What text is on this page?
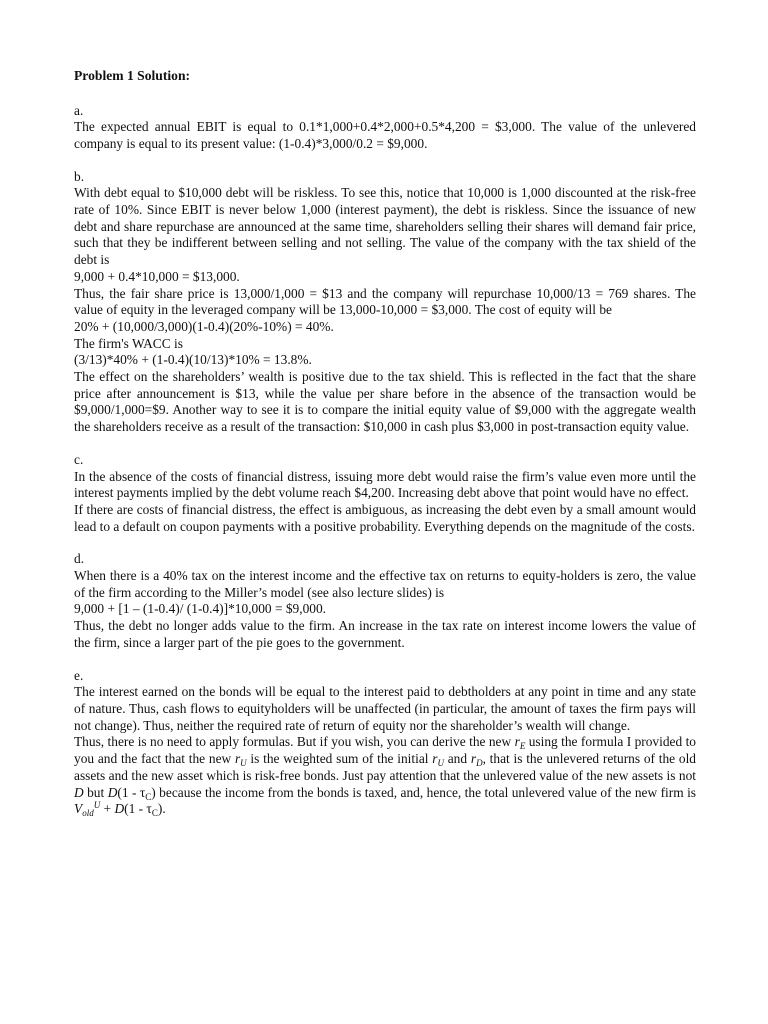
Problem 1 Solution:
a.

The expected annual EBIT is equal to 0.1*1,000+0.4*2,000+0.5*4,200 = $3,000. The value of the unlevered company is equal to its present value: (1-0.4)*3,000/0.2 = $9,000.

b.

With debt equal to $10,000 debt will be riskless. To see this, notice that 10,000 is 1,000 discounted at the risk-free rate of 10%. Since EBIT is never below 1,000 (interest payment), the debt is riskless. Since the issuance of new debt and share repurchase are announced at the same time, shareholders selling their shares will demand fair price, such that they be indifferent between selling and not selling. The value of the company with the tax shield of the debt is

9,000 + 0.4*10,000 = $13,000.

Thus, the fair share price is 13,000/1,000 = $13 and the company will repurchase 10,000/13 = 769 shares. The value of equity in the leveraged company will be 13,000-10,000 = $3,000. The cost of equity will be

20% + (10,000/3,000)(1-0.4)(20%-10%) = 40%.

The firm's WACC is

(3/13)*40% + (1-0.4)(10/13)*10% = 13.8%.

The effect on the shareholders’ wealth is positive due to the tax shield. This is reflected in the fact that the share price after announcement is $13, while the value per share before in the absence of the transaction would be $9,000/1,000=$9. Another way to see it is to compare the initial equity value of $9,000 with the aggregate wealth the shareholders receive as a result of the transaction: $10,000 in cash plus $3,000 in post-transaction equity value.

c.

In the absence of the costs of financial distress, issuing more debt would raise the firm’s value even more until the interest payments implied by the debt volume reach $4,200. Increasing debt above that point would have no effect.

If there are costs of financial distress, the effect is ambiguous, as increasing the debt even by a small amount would lead to a default on coupon payments with a positive probability. Everything depends on the magnitude of the costs.

d.

When there is a 40% tax on the interest income and the effective tax on returns to equity-holders is zero, the value of the firm according to the Miller’s model (see also lecture slides) is

9,000 + [1 – (1-0.4)/ (1-0.4)]*10,000 = $9,000.

Thus, the debt no longer adds value to the firm. An increase in the tax rate on interest income lowers the value of the firm, since a larger part of the pie goes to the government.

e.

The interest earned on the bonds will be equal to the interest paid to debtholders at any point in time and any state of nature. Thus, cash flows to equityholders will be unaffected (in particular, the amount of taxes the firm pays will not change). Thus, neither the required rate of return of equity nor the shareholder’s wealth will change.

Thus, there is no need to apply formulas. But if you wish, you can derive the new $r_E$ using the formula I provided to you and the fact that the new $r_U$ is the weighted sum of the initial $r_U$ and $r_D$, that is the unlevered returns of the old assets and the new asset which is risk-free bonds. Just pay attention that the unlevered value of the new assets is not D but $D(1 - \tau_C)$ because the income from the bonds is taxed, and, hence, the total unlevered value of the new firm is $V_{old}^U + D(1 - \tau_C)$.
